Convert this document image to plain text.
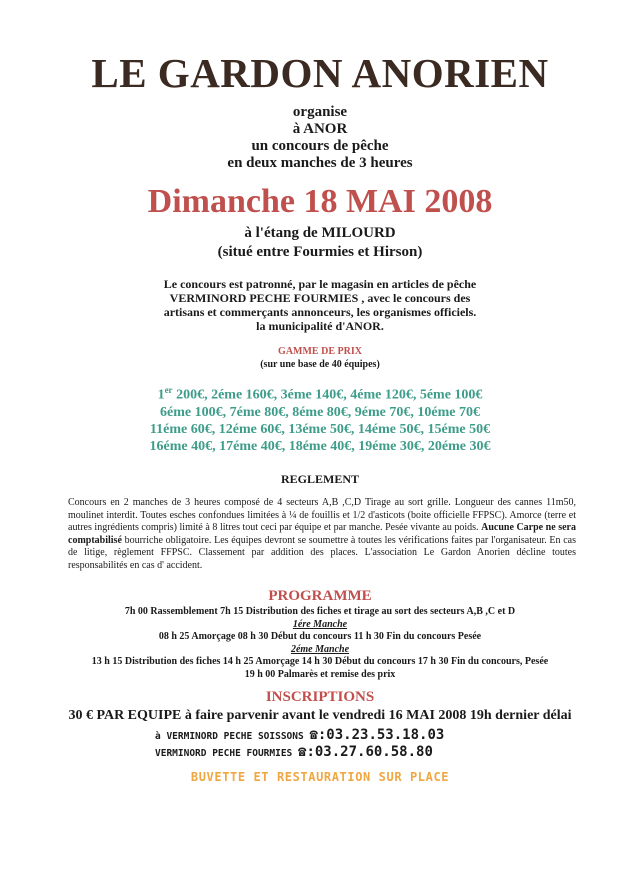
LE GARDON ANORIEN
organise
à ANOR
un concours de pêche
en deux manches de 3 heures
Dimanche 18 MAI 2008
à l'étang de MILOURD
(situé entre Fourmies et Hirson)
Le concours est patronné, par le magasin en articles de pêche
VERMINORD PECHE FOURMIES , avec le concours des
artisans et commerçants annonceurs, les organismes officiels.
la municipalité d'ANOR.
GAMME DE PRIX
(sur une base de 40 équipes)
1er 200€, 2éme 160€, 3éme 140€, 4éme 120€, 5éme 100€
6éme 100€, 7éme 80€, 8éme 80€, 9éme 70€, 10éme 70€
11éme 60€, 12éme 60€, 13éme 50€, 14éme 50€, 15éme 50€
16éme 40€, 17éme 40€, 18éme 40€, 19éme 30€, 20éme 30€
REGLEMENT
Concours en 2 manches de 3 heures composé de 4 secteurs A,B ,C,D Tirage au sort grille. Longueur des cannes 11m50, moulinet interdit. Toutes esches confondues limitées à ¼ de fouillis et 1/2 d'asticots (boite officielle FFPSC). Amorce (terre et autres ingrédients compris) limité à 8 litres tout ceci par équipe et par manche. Pesée vivante au poids. Aucune Carpe ne sera comptabilisé bourriche obligatoire. Les équipes devront se soumettre à toutes les vérifications faites par l'organisateur. En cas de litige, règlement FFPSC. Classement par addition des places. L'association Le Gardon Anorien décline toutes responsabilités en cas d' accident.
PROGRAMME
7h 00 Rassemblement 7h 15 Distribution des fiches et tirage au sort des secteurs A,B ,C et D
1ére Manche
08 h 25 Amorçage 08 h 30 Début du concours 11 h 30 Fin du concours Pesée
2éme Manche
13 h 15 Distribution des fiches 14 h 25 Amorçage 14 h 30 Début du concours 17 h 30 Fin du concours, Pesée
19 h 00 Palmarès et remise des prix
INSCRIPTIONS
30 € PAR EQUIPE à faire parvenir avant le vendredi 16 MAI 2008 19h dernier délai
à VERMINORD PECHE SOISSONS ☎:03.23.53.18.03
VERMINORD PECHE FOURMIES ☎:03.27.60.58.80
BUVETTE ET RESTAURATION SUR PLACE
